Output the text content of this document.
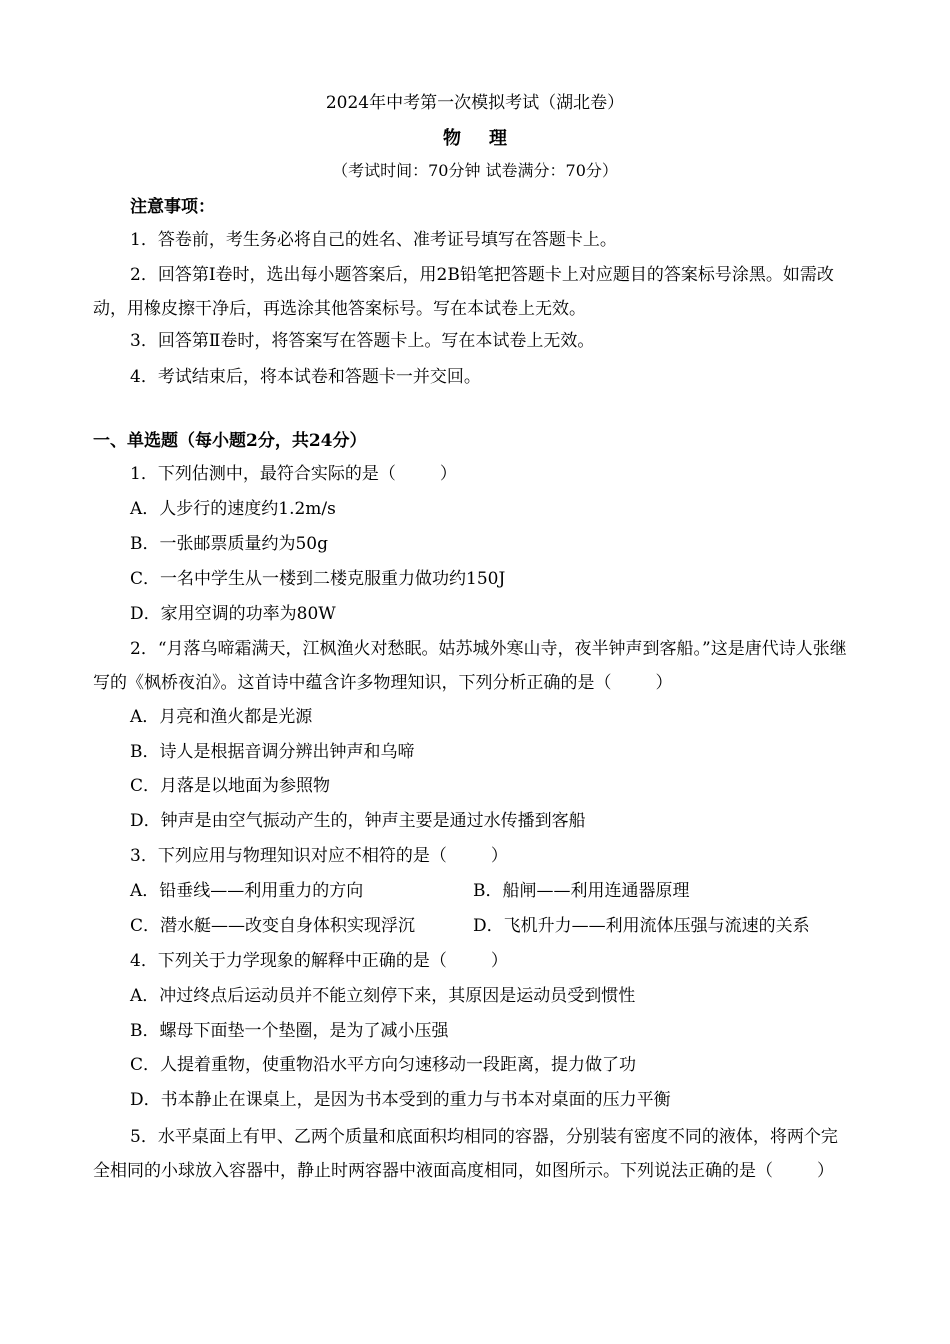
2024年中考第一次模拟考试（湖北卷）
物 理
（考试时间：70分钟 试卷满分：70分）
注意事项：
1．答卷前，考生务必将自己的姓名、准考证号填写在答题卡上。
2．回答第Ⅰ卷时，选出每小题答案后，用2B铅笔把答题卡上对应题目的答案标号涂黑。如需改动，用橡皮擦干净后，再选涂其他答案标号。写在本试卷上无效。
3．回答第Ⅱ卷时，将答案写在答题卡上。写在本试卷上无效。
4．考试结束后，将本试卷和答题卡一并交回。
一、单选题（每小题2分，共24分）
1．下列估测中，最符合实际的是（	）
A．人步行的速度约1.2m/s
B．一张邮票质量约为50g
C．一名中学生从一楼到二楼克服重力做功约150J
D．家用空调的功率为80W
2．“月落乌啼霜满天，江枫渔火对愁眠。姑苏城外寒山寺，夜半钟声到客船。”这是唐代诗人张继写的《枫桥夜泊》。这首诗中蕴含许多物理知识，下列分析正确的是（	）
A．月亮和渔火都是光源
B．诗人是根据音调分辨出钟声和乌啼
C．月落是以地面为参照物
D．钟声是由空气振动产生的，钟声主要是通过水传播到客船
3．下列应用与物理知识对应不相符的是（	）
A．铅垂线——利用重力的方向	B．船闸——利用连通器原理
C．潜水艇——改变自身体积实现浮沉	D．飞机升力——利用流体压强与流速的关系
4．下列关于力学现象的解释中正确的是（	）
A．冲过终点后运动员并不能立刻停下来，其原因是运动员受到惯性
B．螺母下面垫一个垫圈，是为了减小压强
C．人提着重物，使重物沿水平方向匀速移动一段距离，提力做了功
D．书本静止在课桌上，是因为书本受到的重力与书本对桌面的压力平衡
5．水平桌面上有甲、乙两个质量和底面积均相同的容器，分别装有密度不同的液体，将两个完全相同的小球放入容器中，静止时两容器中液面高度相同，如图所示。下列说法正确的是（	）
